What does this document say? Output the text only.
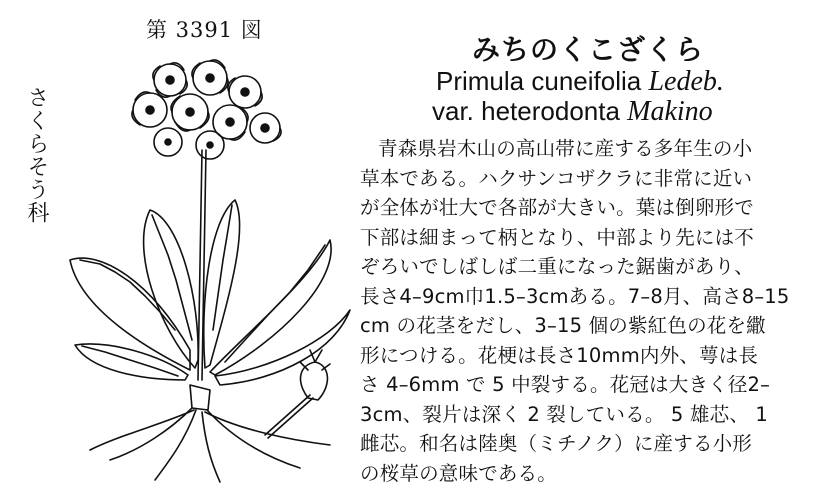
第 3391 図
さくらそう科
みちのくこざくら
Primula cuneifolia Ledeb.
var. heterodonta Makino
青森県岩木山の高山帯に産する多年生の小
草本である。ハクサンコザクラに非常に近い
が全体が壮大で各部が大きい。葉は倒卵形で
下部は細まって柄となり、中部より先には不
ぞろいでしばしば二重になった鋸歯があり、
長さ4–9cm巾1.5–3cmある。7–8月、高さ8–15
cm の花茎をだし、3–15 個の紫紅色の花を繖
形につける。花梗は長さ10mm内外、萼は長
さ 4–6mm で 5 中裂する。花冠は大きく径2–
3cm、裂片は深く 2 裂している。 5 雄芯、 1
雌芯。和名は陸奥（ミチノク）に産する小形
の桜草の意味である。
